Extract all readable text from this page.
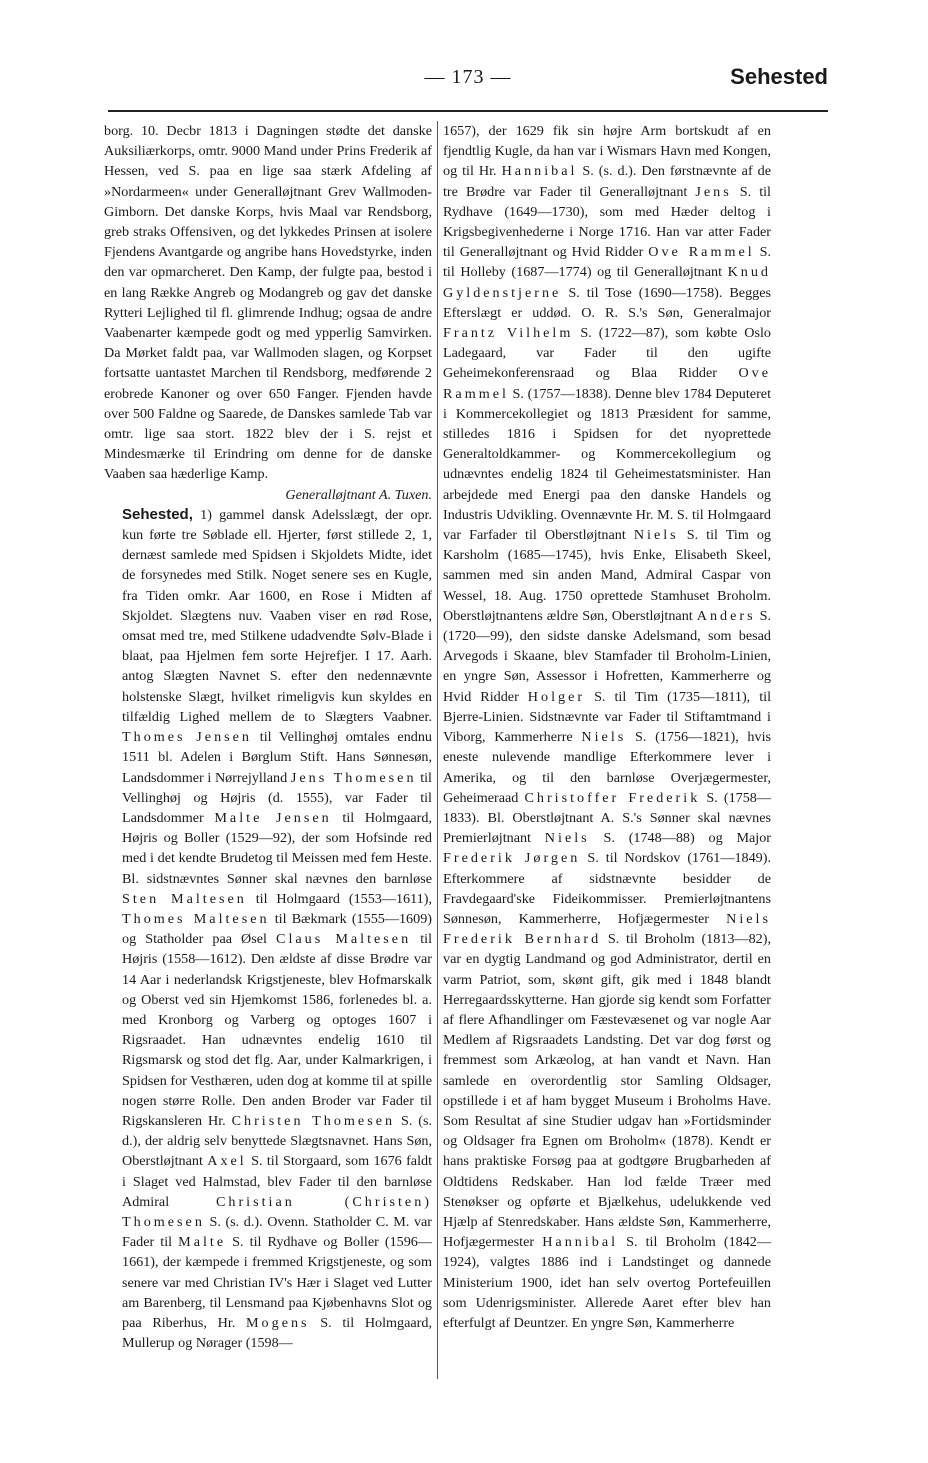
— 173 —	Sehested

borg. 10. Decbr 1813 i Dagningen stødte det danske Auksiliærkorps, omtr. 9000 Mand under Prins Frederik af Hessen, ved S. paa en lige saa stærk Afdeling af »Nordarmeen« under Generalløjtnant Grev Wallmoden-Gimborn. Det danske Korps, hvis Maal var Rendsborg, greb straks Offensiven, og det lykkedes Prinsen at isolere Fjendens Avantgarde og angribe hans Hovedstyrke, inden den var opmarcheret. Den Kamp, der fulgte paa, bestod i en lang Række Angreb og Modangreb og gav det danske Rytteri Lejlighed til fl. glimrende Indhug; ogsaa de andre Vaabenarter kæmpede godt og med ypperlig Samvirken. Da Mørket faldt paa, var Wallmoden slagen, og Korpset fortsatte uantastet Marchen til Rendsborg, medførende 2 erobrede Kanoner og over 650 Fanger. Fjenden havde over 500 Faldne og Saarede, de Danskes samlede Tab var omtr. lige saa stort. 1822 blev der i S. rejst et Mindesmærke til Erindring om denne for de danske Vaaben saa hæderlige Kamp.

Generalløjtnant A. Tuxen.

Sehested, 1) gammel dansk Adelsslægt, der opr. kun førte tre Søblade ell. Hjerter, først stillede 2, 1, dernæst samlede med Spidsen i Skjoldets Midte, idet de forsynedes med Stilk. Noget senere ses en Kugle, fra Tiden omkr. Aar 1600, en Rose i Midten af Skjoldet. Slægtens nuv. Vaaben viser en rød Rose, omsat med tre, med Stilkene udadvendte Sølv-Blade i blaat, paa Hjelmen fem sorte Hejrefjer. I 17. Aarh. antog Slægten Navnet S. efter den nedennævnte holstenske Slægt, hvilket rimeligvis kun skyldes en tilfældig Lighed mellem de to Slægters Vaabner. Thomes Jensen til Vellinghøj omtales endnu 1511 bl. Adelen i Børglum Stift. Hans Sønnesøn, Landsdommer i Nørrejylland Jens Thomesen til Vellinghøj og Højris (d. 1555), var Fader til Landsdommer Malte Jensen til Holmgaard, Højris og Boller (1529—92), der som Hofsinde red med i det kendte Brudetog til Meissen med fem Heste. Bl. sidstnævntes Sønner skal nævnes den barnløse Sten Maltesen til Holmgaard (1553—1611), Thomes Maltesen til Bækmark (1555—1609) og Statholder paa Øsel Claus Maltesen til Højris (1558—1612). Den ældste af disse Brødre var 14 Aar i nederlandsk Krigstjeneste, blev Hofmarskalk og Oberst ved sin Hjemkomst 1586, forlenedes bl. a. med Kronborg og Varberg og optoges 1607 i Rigsraadet. Han udnævntes endelig 1610 til Rigsmarsk og stod det flg. Aar, under Kalmarkrigen, i Spidsen for Vesthæren, uden dog at komme til at spille nogen større Rolle. Den anden Broder var Fader til Rigskansleren Hr. Christen Thomesen S. (s. d.), der aldrig selv benyttede Slægtsnavnet. Hans Søn, Oberstløjtnant Axel S. til Storgaard, som 1676 faldt i Slaget ved Halmstad, blev Fader til den barnløse Admiral Christian (Christen) Thomesen S. (s. d.). Ovenn. Statholder C. M. var Fader til Malte S. til Rydhave og Boller (1596—1661), der kæmpede i fremmed Krigstjeneste, og som senere var med Christian IV's Hær i Slaget ved Lutter am Barenberg, til Lensmand paa Kjøbenhavns Slot og paa Riberhus, Hr. Mogens S. til Holmgaard, Mullerup og Nørager (1598—

1657), der 1629 fik sin højre Arm bortskudt af en fjendtlig Kugle, da han var i Wismars Havn med Kongen, og til Hr. Hannibal S. (s. d.). Den førstnævnte af de tre Brødre var Fader til Generalløjtnant Jens S. til Rydhave (1649—1730), som med Hæder deltog i Krigsbegivenhederne i Norge 1716. Han var atter Fader til Generalløjtnant og Hvid Ridder Ove Rammel S. til Holleby (1687—1774) og til Generalløjtnant Knud Gyldenstjerne S. til Tose (1690—1758). Begges Efterslægt er uddød. O. R. S.'s Søn, Generalmajor Frantz Vilhelm S. (1722—87), som købte Oslo Ladegaard, var Fader til den ugifte Geheimekonferensraad og Blaa Ridder Ove Rammel S. (1757—1838). Denne blev 1784 Deputeret i Kommercekollegiet og 1813 Præsident for samme, stilledes 1816 i Spidsen for det nyoprettede Generaltoldkammer- og Kommercekollegium og udnævntes endelig 1824 til Geheimestatsminister. Han arbejdede med Energi paa den danske Handels og Industris Udvikling. Ovennævnte Hr. M. S. til Holmgaard var Farfader til Oberstløjtnant Niels S. til Tim og Karsholm (1685—1745), hvis Enke, Elisabeth Skeel, sammen med sin anden Mand, Admiral Caspar von Wessel, 18. Aug. 1750 oprettede Stamhuset Broholm. Oberstløjtnantens ældre Søn, Oberstløjtnant Anders S. (1720—99), den sidste danske Adelsmand, som besad Arvegods i Skaane, blev Stamfader til Broholm-Linien, en yngre Søn, Assessor i Hofretten, Kammerherre og Hvid Ridder Holger S. til Tim (1735—1811), til Bjerre-Linien. Sidstnævnte var Fader til Stiftamtmand i Viborg, Kammerherre Niels S. (1756—1821), hvis eneste nulevende mandlige Efterkommere lever i Amerika, og til den barnløse Overjægermester, Geheimeraad Christoffer Frederik S. (1758—1833). Bl. Oberstløjtnant A. S.'s Sønner skal nævnes Premierløjtnant Niels S. (1748—88) og Major Frederik Jørgen S. til Nordskov (1761—1849). Efterkommere af sidstnævnte besidder de Fravdegaard'ske Fideikommisser. Premierløjtnantens Sønnesøn, Kammerherre, Hofjægermester Niels Frederik Bernhard S. til Broholm (1813—82), var en dygtig Landmand og god Administrator, dertil en varm Patriot, som, skønt gift, gik med i 1848 blandt Herregaardsskytterne. Han gjorde sig kendt som Forfatter af flere Afhandlinger om Fæstevæsenet og var nogle Aar Medlem af Rigsraadets Landsting. Det var dog først og fremmest som Arkæolog, at han vandt et Navn. Han samlede en overordentlig stor Samling Oldsager, opstillede i et af ham bygget Museum i Broholms Have. Som Resultat af sine Studier udgav han »Fortidsminder og Oldsager fra Egnen om Broholm« (1878). Kendt er hans praktiske Forsøg paa at godtgøre Brugbarheden af Oldtidens Redskaber. Han lod fælde Træer med Stenøkser og opførte et Bjælkehus, udelukkende ved Hjælp af Stenredskaber. Hans ældste Søn, Kammerherre, Hofjægermester Hannibal S. til Broholm (1842—1924), valgtes 1886 ind i Landstinget og dannede Ministerium 1900, idet han selv overtog Portefeuillen som Udenrigsminister. Allerede Aaret efter blev han efterfulgt af Deuntzer. En yngre Søn, Kammerherre
